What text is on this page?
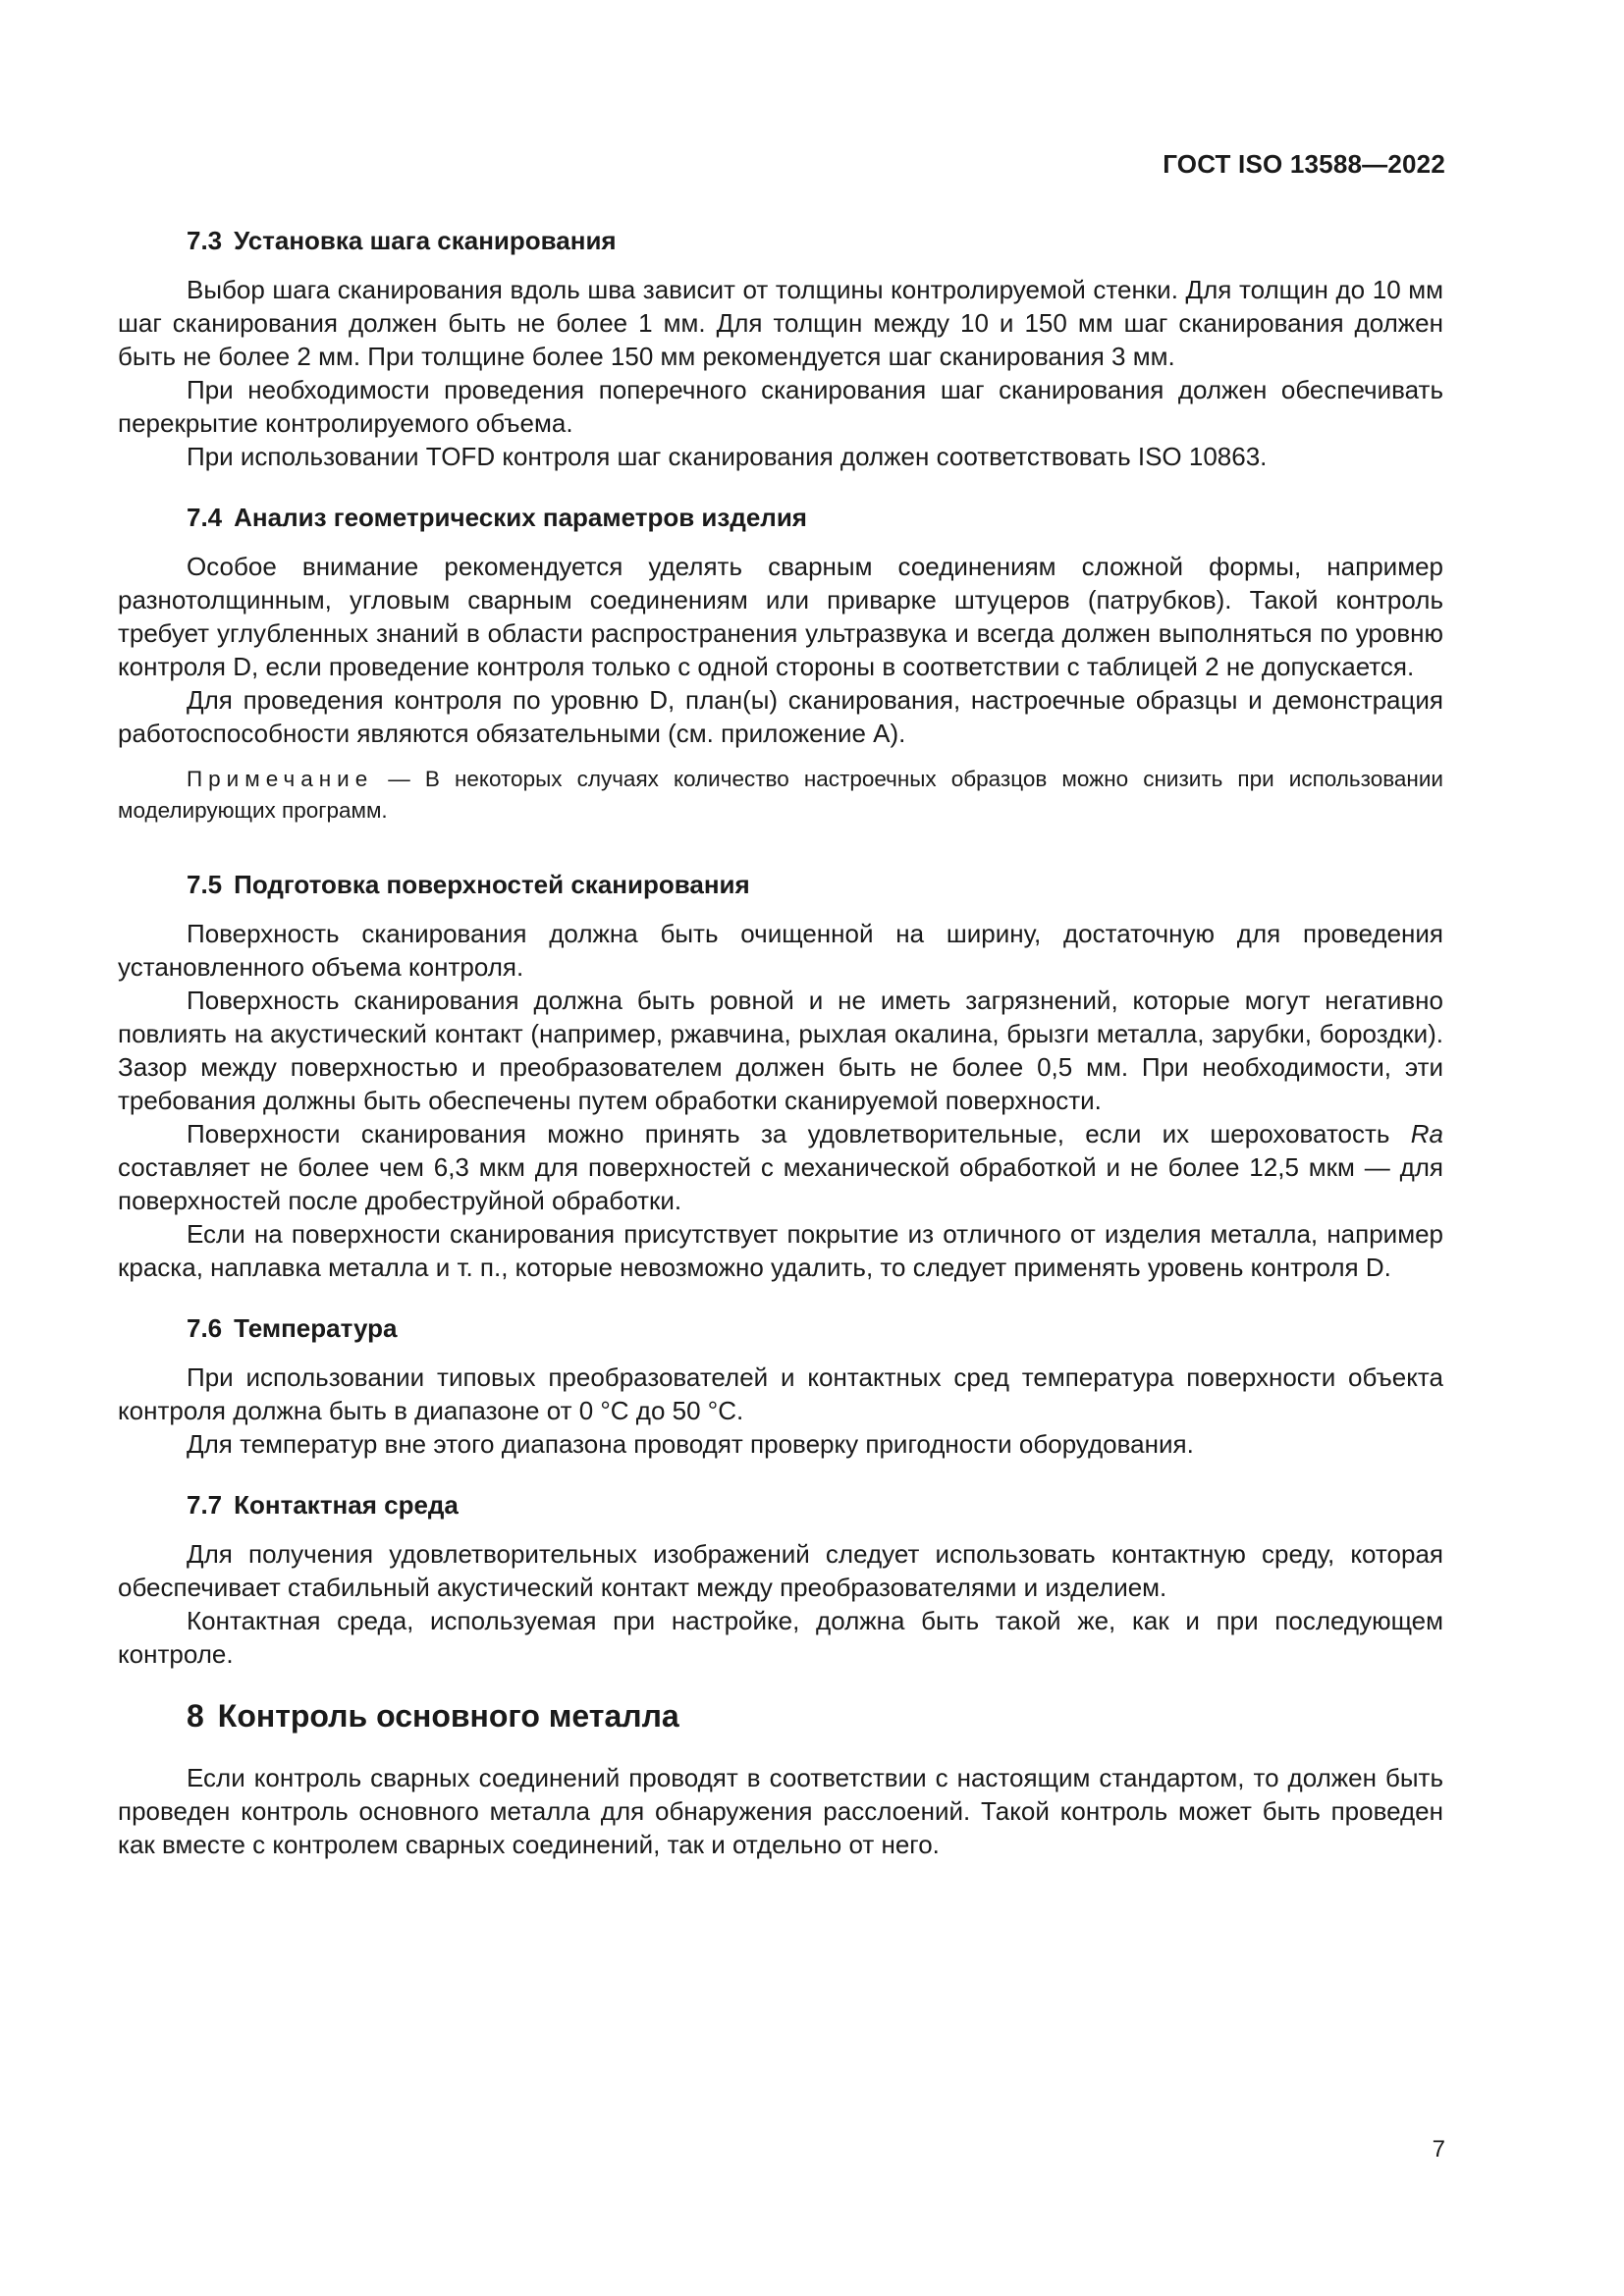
ГОСТ ISO 13588—2022
7.3 Установка шага сканирования

Выбор шага сканирования вдоль шва зависит от толщины контролируемой стенки. Для толщин до 10 мм шаг сканирования должен быть не более 1 мм. Для толщин между 10 и 150 мм шаг сканирования должен быть не более 2 мм. При толщине более 150 мм рекомендуется шаг сканирования 3 мм.

При необходимости проведения поперечного сканирования шаг сканирования должен обеспечивать перекрытие контролируемого объема.

При использовании TOFD контроля шаг сканирования должен соответствовать ISO 10863.

7.4 Анализ геометрических параметров изделия

Особое внимание рекомендуется уделять сварным соединениям сложной формы, например разнотолщинным, угловым сварным соединениям или приварке штуцеров (патрубков). Такой контроль требует углубленных знаний в области распространения ультразвука и всегда должен выполняться по уровню контроля D, если проведение контроля только с одной стороны в соответствии с таблицей 2 не допускается.

Для проведения контроля по уровню D, план(ы) сканирования, настроечные образцы и демонстрация работоспособности являются обязательными (см. приложение А).

Примечание — В некоторых случаях количество настроечных образцов можно снизить при использовании моделирующих программ.

7.5 Подготовка поверхностей сканирования

Поверхность сканирования должна быть очищенной на ширину, достаточную для проведения установленного объема контроля.

Поверхность сканирования должна быть ровной и не иметь загрязнений, которые могут негативно повлиять на акустический контакт (например, ржавчина, рыхлая окалина, брызги металла, зарубки, бороздки). Зазор между поверхностью и преобразователем должен быть не более 0,5 мм. При необходимости, эти требования должны быть обеспечены путем обработки сканируемой поверхности.

Поверхности сканирования можно принять за удовлетворительные, если их шероховатость Ra составляет не более чем 6,3 мкм для поверхностей с механической обработкой и не более 12,5 мкм — для поверхностей после дробеструйной обработки.

Если на поверхности сканирования присутствует покрытие из отличного от изделия металла, например краска, наплавка металла и т. п., которые невозможно удалить, то следует применять уровень контроля D.

7.6 Температура

При использовании типовых преобразователей и контактных сред температура поверхности объекта контроля должна быть в диапазоне от 0 °С до 50 °С.

Для температур вне этого диапазона проводят проверку пригодности оборудования.

7.7 Контактная среда

Для получения удовлетворительных изображений следует использовать контактную среду, которая обеспечивает стабильный акустический контакт между преобразователями и изделием.

Контактная среда, используемая при настройке, должна быть такой же, как и при последующем контроле.

8 Контроль основного металла

Если контроль сварных соединений проводят в соответствии с настоящим стандартом, то должен быть проведен контроль основного металла для обнаружения расслоений. Такой контроль может быть проведен как вместе с контролем сварных соединений, так и отдельно от него.

7
